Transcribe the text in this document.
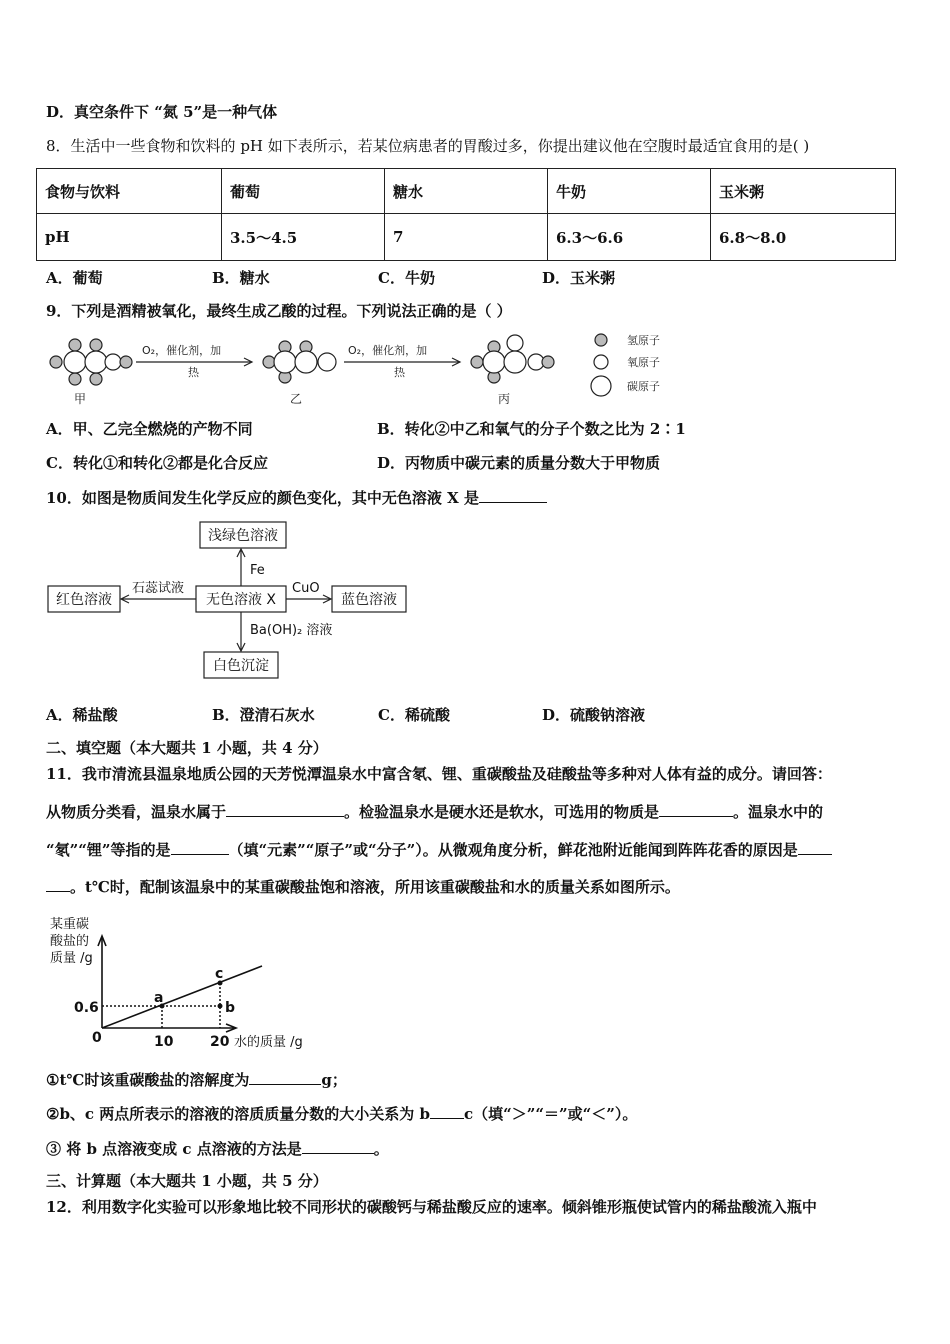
D．真空条件下 “氮 5”是一种气体
8．生活中一些食物和饮料的 pH 如下表所示，若某位病患者的胃酸过多，你提出建议他在空腹时最适宜食用的是( )
食物与饮料	葡萄	糖水	牛奶	玉米粥
pH	3.5～4.5	7	6.3～6.6	6.8～8.0
A．葡萄	B．糖水	C．牛奶	D．玉米粥
9．下列是酒精被氧化，最终生成乙酸的过程。下列说法正确的是（ ）
O₂，催化剂，加
热
O₂，催化剂，加
热
甲	乙	丙
氢原子
氧原子
碳原子
A．甲、乙完全燃烧的产物不同	B．转化②中乙和氧气的分子个数之比为 2∶1
C．转化①和转化②都是化合反应	D．丙物质中碳元素的质量分数大于甲物质
10．如图是物质间发生化学反应的颜色变化，其中无色溶液 X 是
浅绿色溶液
无色溶液 X
红色溶液	蓝色溶液
白色沉淀
Fe
石蕊试液	CuO
Ba(OH)₂ 溶液
A．稀盐酸	B．澄清石灰水	C．稀硫酸	D．硫酸钠溶液
二、填空题（本大题共 1 小题，共 4 分）
11．我市清流县温泉地质公园的天芳悦潭温泉水中富含氡、锂、重碳酸盐及硅酸盐等多种对人体有益的成分。请回答：
从物质分类看，温泉水属于	。检验温泉水是硬水还是软水，可选用的物质是	。温泉水中的
“氡”“锂”等指的是	（填“元素”“原子”或“分子”）。从微观角度分析，鲜花池附近能闻到阵阵花香的原因是
。t℃时，配制该温泉中的某重碳酸盐饱和溶液，所用该重碳酸盐和水的质量关系如图所示。
某重碳
酸盐的
质量 /g
a
b
c
0.6
0	10	20 水的质量 /g
①t℃时该重碳酸盐的溶解度为	g；
②b、c 两点所表示的溶液的溶质质量分数的大小关系为 b c（填“＞”“＝”或“＜”）。
③ 将 b 点溶液变成 c 点溶液的方法是	。
三、计算题（本大题共 1 小题，共 5 分）
12．利用数字化实验可以形象地比较不同形状的碳酸钙与稀盐酸反应的速率。倾斜锥形瓶使试管内的稀盐酸流入瓶中
